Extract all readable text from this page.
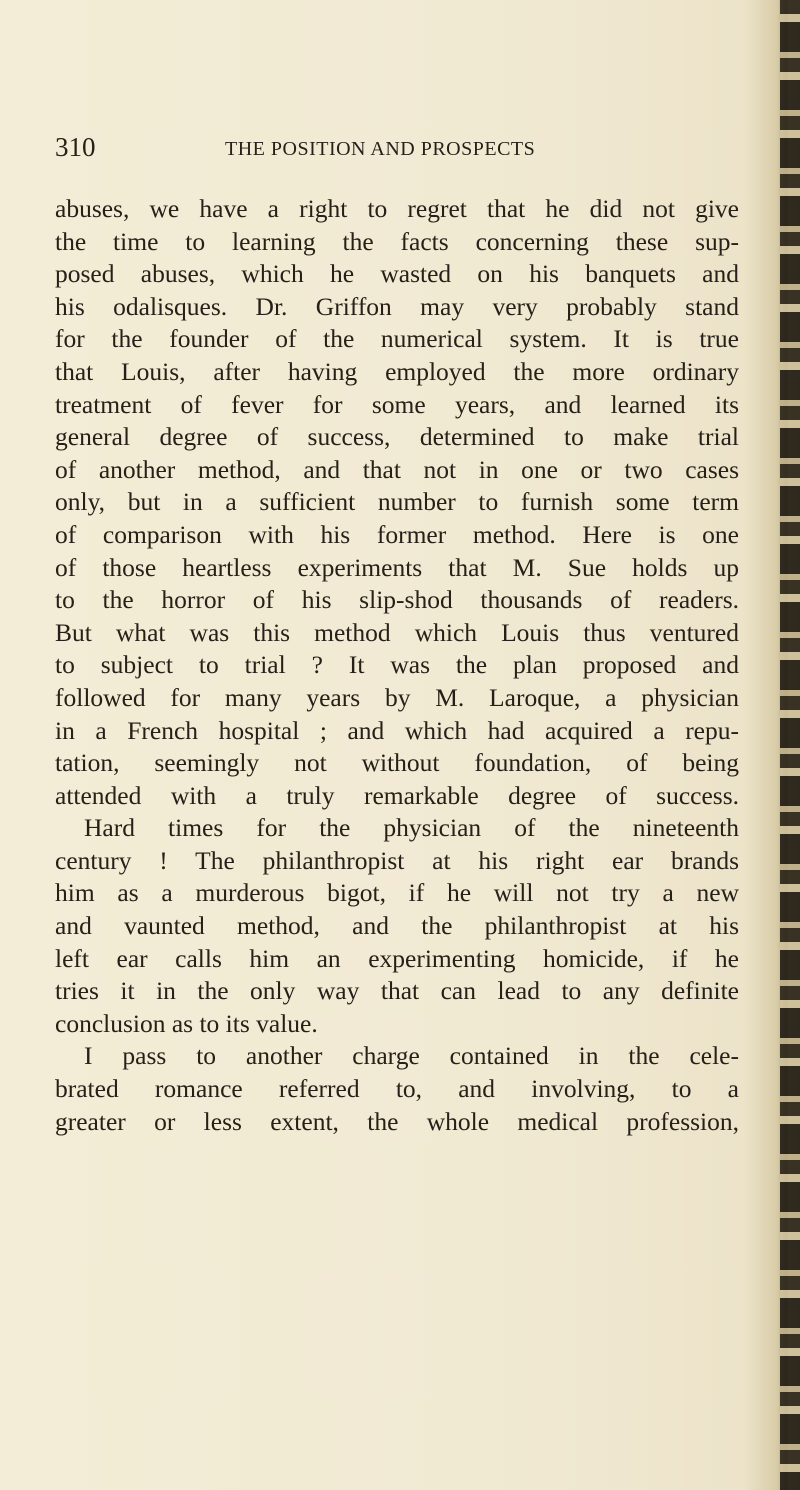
310	THE POSITION AND PROSPECTS
abuses, we have a right to regret that he did not give
the time to learning the facts concerning these sup-
posed abuses, which he wasted on his banquets and
his odalisques. Dr. Griffon may very probably stand
for the founder of the numerical system. It is true
that Louis, after having employed the more ordinary
treatment of fever for some years, and learned its
general degree of success, determined to make trial
of another method, and that not in one or two cases
only, but in a sufficient number to furnish some term
of comparison with his former method. Here is one
of those heartless experiments that M. Sue holds up
to the horror of his slip-shod thousands of readers.
But what was this method which Louis thus ventured
to subject to trial ? It was the plan proposed and
followed for many years by M. Laroque, a physician
in a French hospital ; and which had acquired a repu-
tation, seemingly not without foundation, of being
attended with a truly remarkable degree of success.
Hard times for the physician of the nineteenth
century ! The philanthropist at his right ear brands
him as a murderous bigot, if he will not try a new
and vaunted method, and the philanthropist at his
left ear calls him an experimenting homicide, if he
tries it in the only way that can lead to any definite
conclusion as to its value.
I pass to another charge contained in the cele-
brated romance referred to, and involving, to a
greater or less extent, the whole medical profession,
